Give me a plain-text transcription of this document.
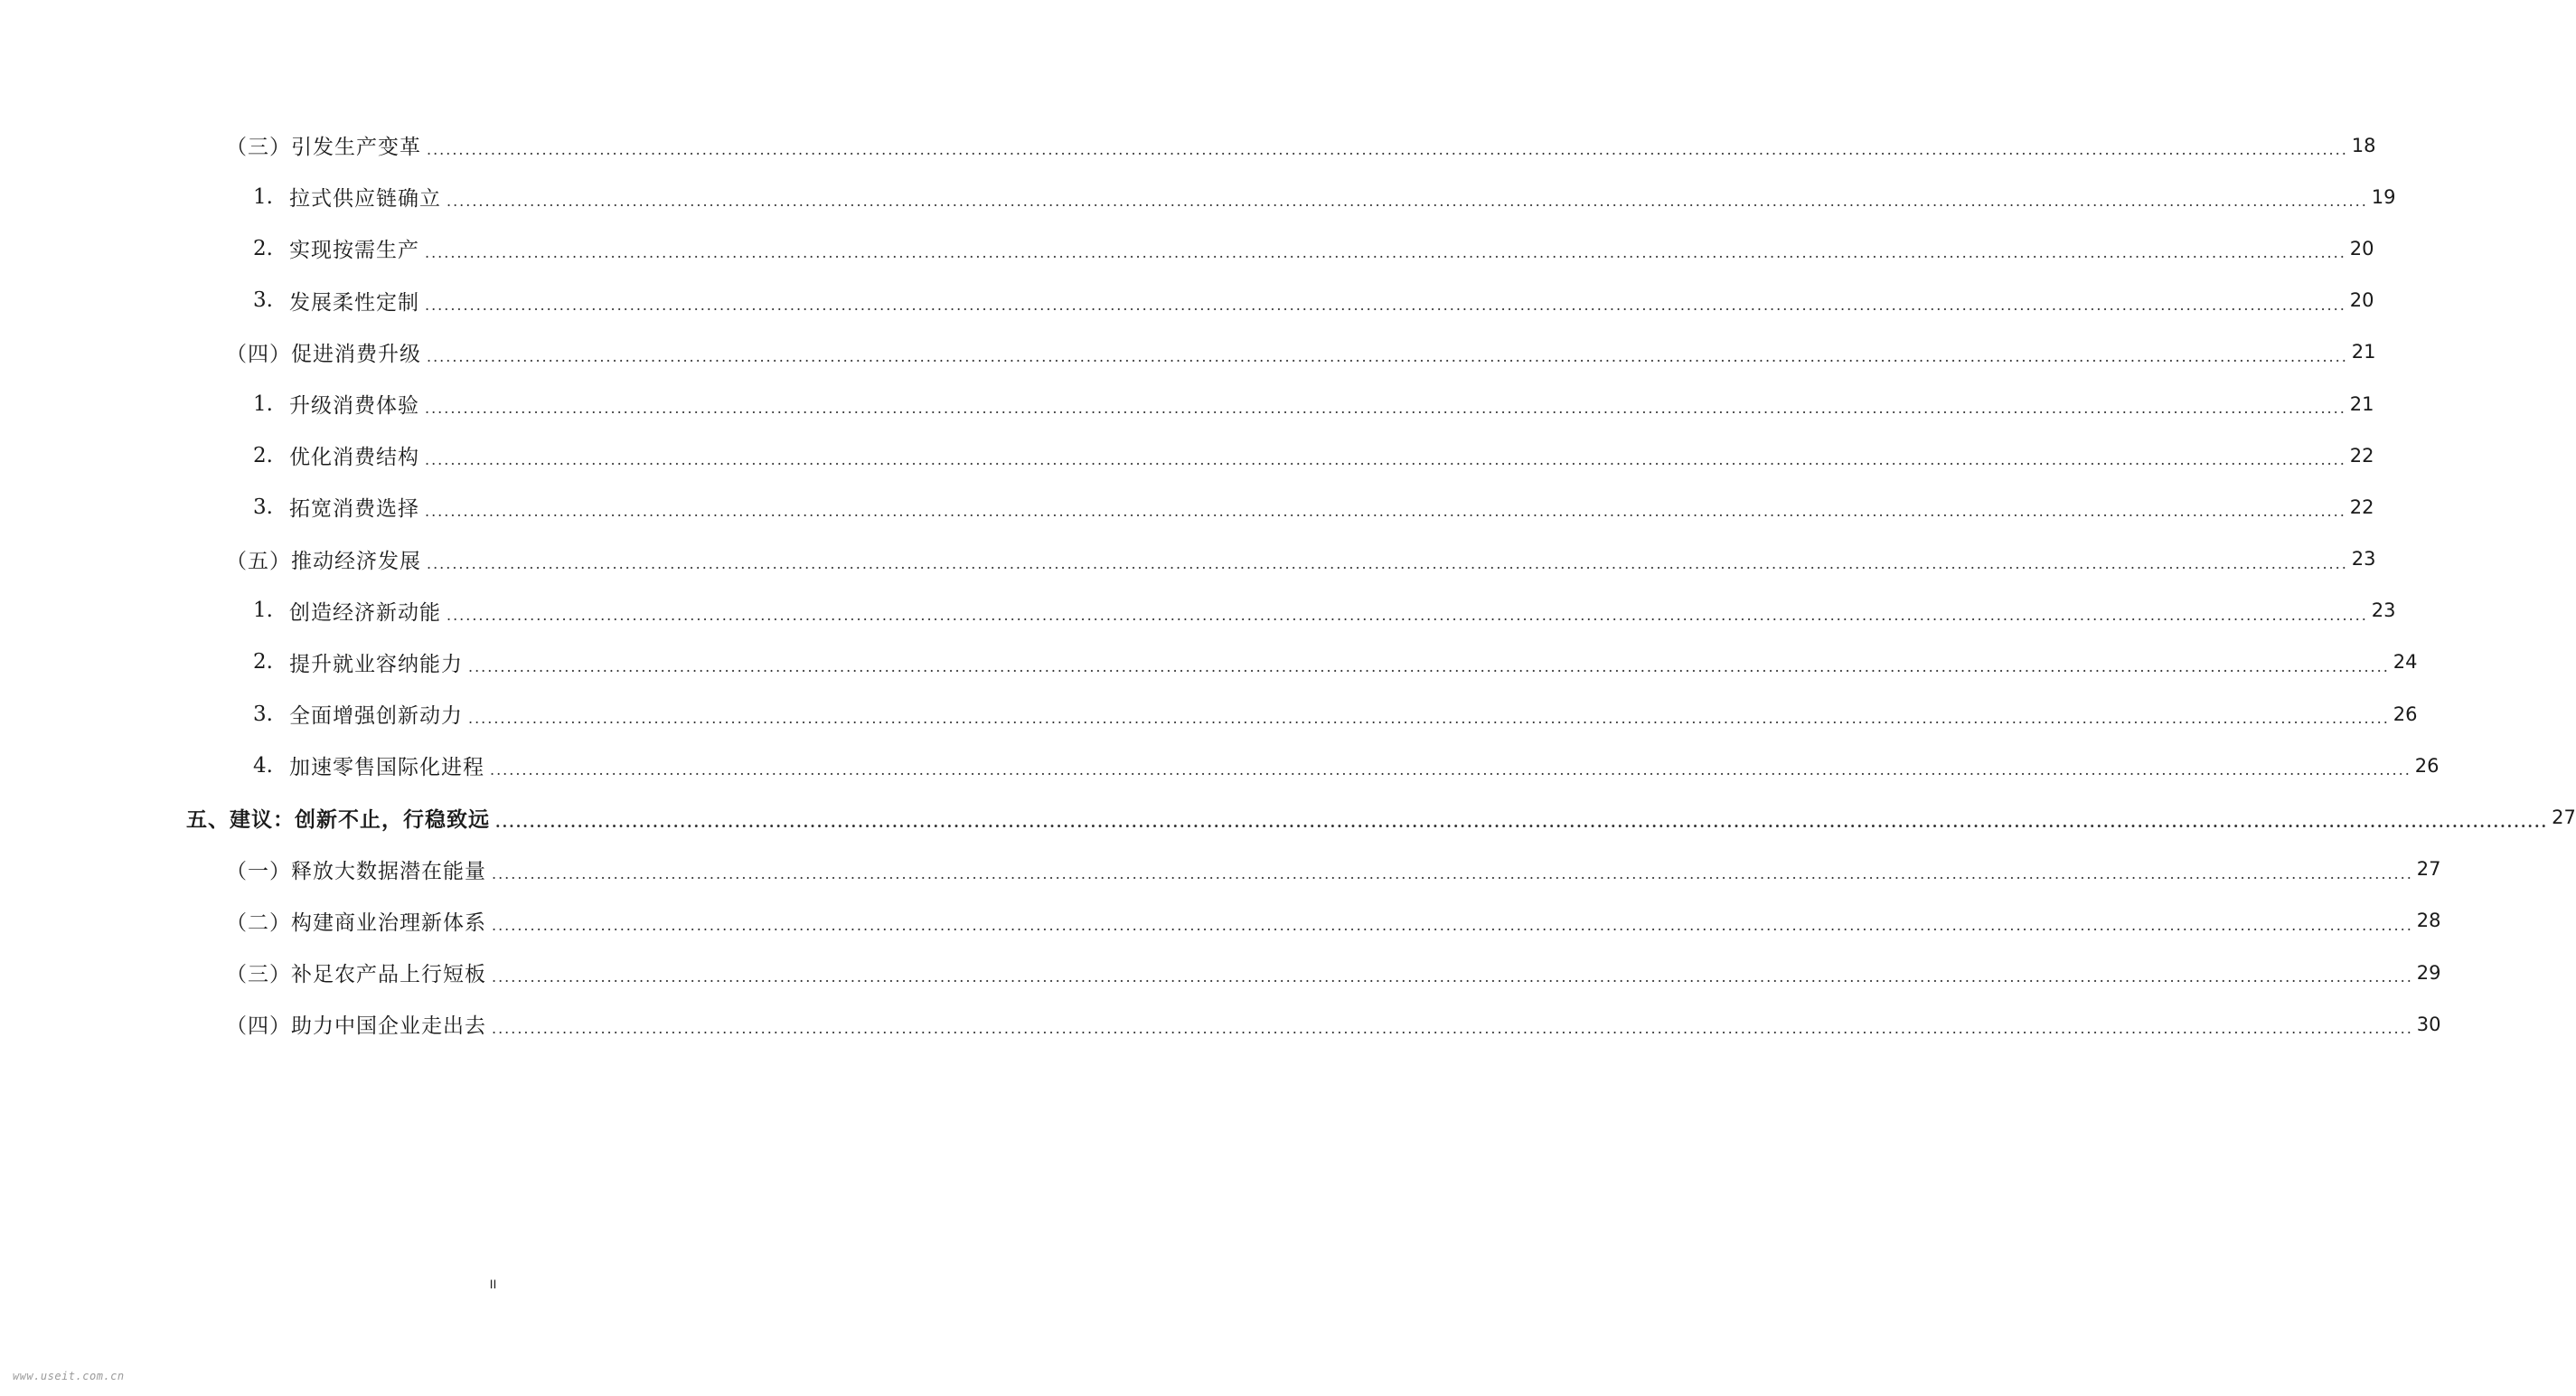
（三）引发生产变革 ............................................................................................................................................................................................................................................................................................................ 18
1. 拉式供应链确立 ............................................................................................................................................................................................................................................................................................................ 19
2. 实现按需生产 ............................................................................................................................................................................................................................................................................................................ 20
3. 发展柔性定制 ............................................................................................................................................................................................................................................................................................................ 20
（四）促进消费升级 ............................................................................................................................................................................................................................................................................................................ 21
1. 升级消费体验 ............................................................................................................................................................................................................................................................................................................ 21
2. 优化消费结构 ............................................................................................................................................................................................................................................................................................................ 22
3. 拓宽消费选择 ............................................................................................................................................................................................................................................................................................................ 22
（五）推动经济发展 ............................................................................................................................................................................................................................................................................................................ 23
1. 创造经济新动能 ............................................................................................................................................................................................................................................................................................................ 23
2. 提升就业容纳能力 ............................................................................................................................................................................................................................................................................................................ 24
3. 全面增强创新动力 ............................................................................................................................................................................................................................................................................................................ 26
4. 加速零售国际化进程 ............................................................................................................................................................................................................................................................................................................ 26
五、建议：创新不止，行稳致远 ............................................................................................................................................................................................................................................................................................................ 27
（一）释放大数据潜在能量 ............................................................................................................................................................................................................................................................................................................ 27
（二）构建商业治理新体系 ............................................................................................................................................................................................................................................................................................................ 28
（三）补足农产品上行短板 ............................................................................................................................................................................................................................................................................................................ 29
（四）助力中国企业走出去 ............................................................................................................................................................................................................................................................................................................ 30
II
www.useit.com.cn
